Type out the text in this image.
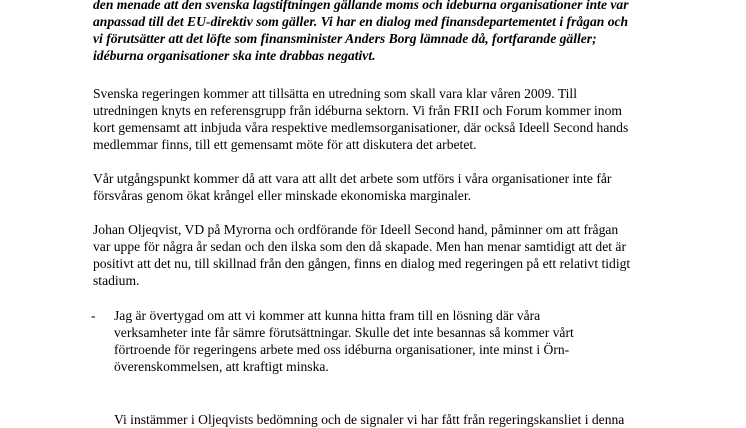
den menade att den svenska lagstiftningen gällande moms och ideburna organisationer inte var

anpassad till det EU-direktiv som gäller. Vi har en dialog med finansdepartementet i frågan och

vi förutsätter att det löfte som finansminister Anders Borg lämnade då, fortfarande gäller;

idéburna organisationer ska inte drabbas negativt.

Svenska regeringen kommer att tillsätta en utredning som skall vara klar våren 2009. Till

utredningen knyts en referensgrupp från idéburna sektorn. Vi från FRII och Forum kommer inom

kort gemensamt att inbjuda våra respektive medlemsorganisationer, där också Ideell Second hands

medlemmar finns, till ett gemensamt möte för att diskutera det arbetet.

Vår utgångspunkt kommer då att vara att allt det arbete som utförs i våra organisationer inte får

försvåras genom ökat krångel eller minskade ekonomiska marginaler.

Johan Oljeqvist, VD på Myrorna och ordförande för Ideell Second hand, påminner om att frågan

var uppe för några år sedan och den ilska som den då skapade. Men han menar samtidigt att det är

positivt att det nu, till skillnad från den gången, finns en dialog med regeringen på ett relativt tidigt

stadium.

- Jag är övertygad om att vi kommer att kunna hitta fram till en lösning där våra

verksamheter inte får sämre förutsättningar. Skulle det inte besannas så kommer vårt

förtroende för regeringens arbete med oss idéburna organisationer, inte minst i Örn-

överenskommelsen, att kraftigt minska.

Vi instämmer i Oljeqvists bedömning och de signaler vi har fått från regeringskansliet i denna
